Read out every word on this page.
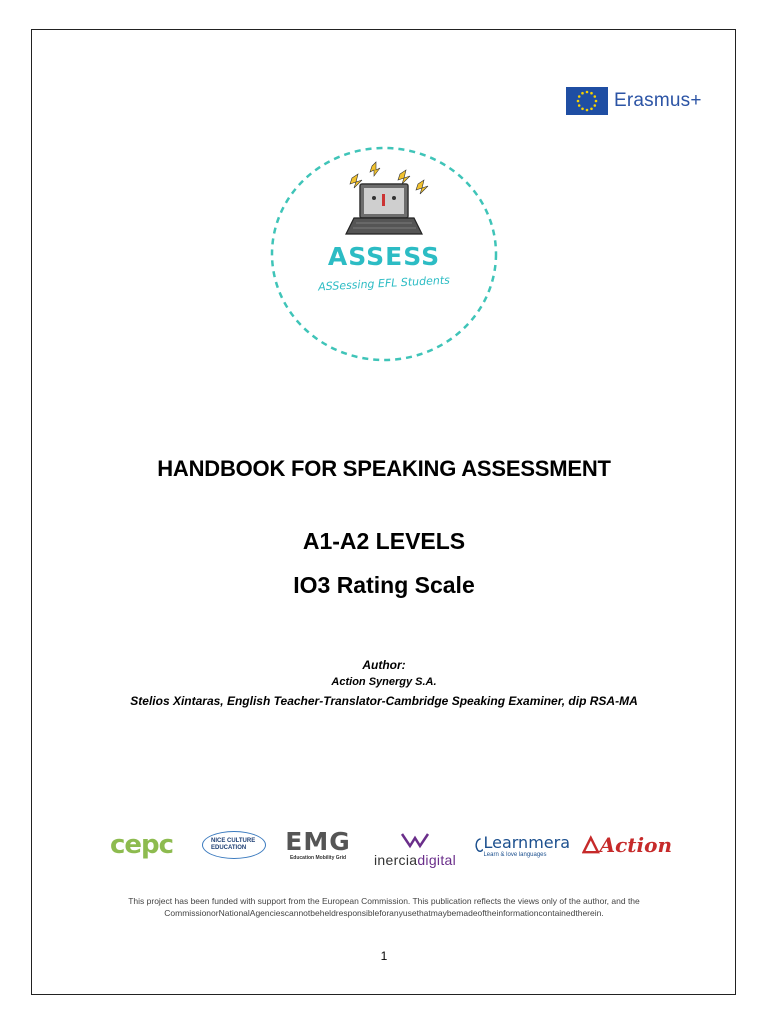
Erasmus+
ASSESS
ASSessing EFL Students
HANDBOOK FOR SPEAKING ASSESSMENT
A1-A2 LEVELS
IO3 Rating Scale
Author:
Action Synergy S.A.
Stelios Xintaras, English Teacher-Translator-Cambridge Speaking Examiner, dip RSA-MA
cepc	NICE CULTURE EDUCATION	EMG
Education Mobility Grid inerciadigital
Learnmera
Learn & love languages	Action
This project has been funded with support from the European Commission. This publication reflects the views only of the author, and the
CommissionorNationalAgenciescannotbeheldresponsibleforanyusethatmaybemadeoftheinformationcontainedtherein.
1
